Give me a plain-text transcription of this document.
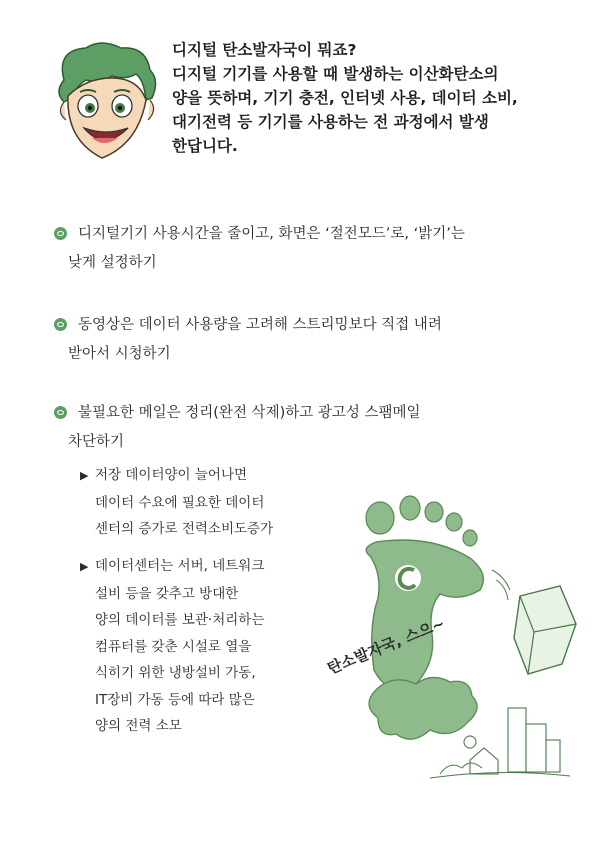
디지털 탄소발자국이 뭐죠?
디지털 기기를 사용할 때 발생하는 이산화탄소의
양을 뜻하며, 기기 충전, 인터넷 사용, 데이터 소비,
대기전력 등 기기를 사용하는 전 과정에서 발생
한답니다.
디지털기기 사용시간을 줄이고, 화면은 ‘절전모드’로, ‘밝기’는
낮게 설정하기
동영상은 데이터 사용량을 고려해 스트리밍보다 직접 내려
받아서 시청하기
불필요한 메일은 정리(완전 삭제)하고 광고성 스팸메일
차단하기
▶ 저장 데이터양이 늘어나면
데이터 수요에 필요한 데이터
센터의 증가로 전력소비도증가
▶ 데이터센터는 서버, 네트워크
설비 등을 갖추고 방대한
양의 데이터를 보관·처리하는
컴퓨터를 갖춘 시설로 열을
식히기 위한 냉방설비 가동,
IT장비 가동 등에 따라 많은
양의 전력 소모
탄소발자국, 스으~
